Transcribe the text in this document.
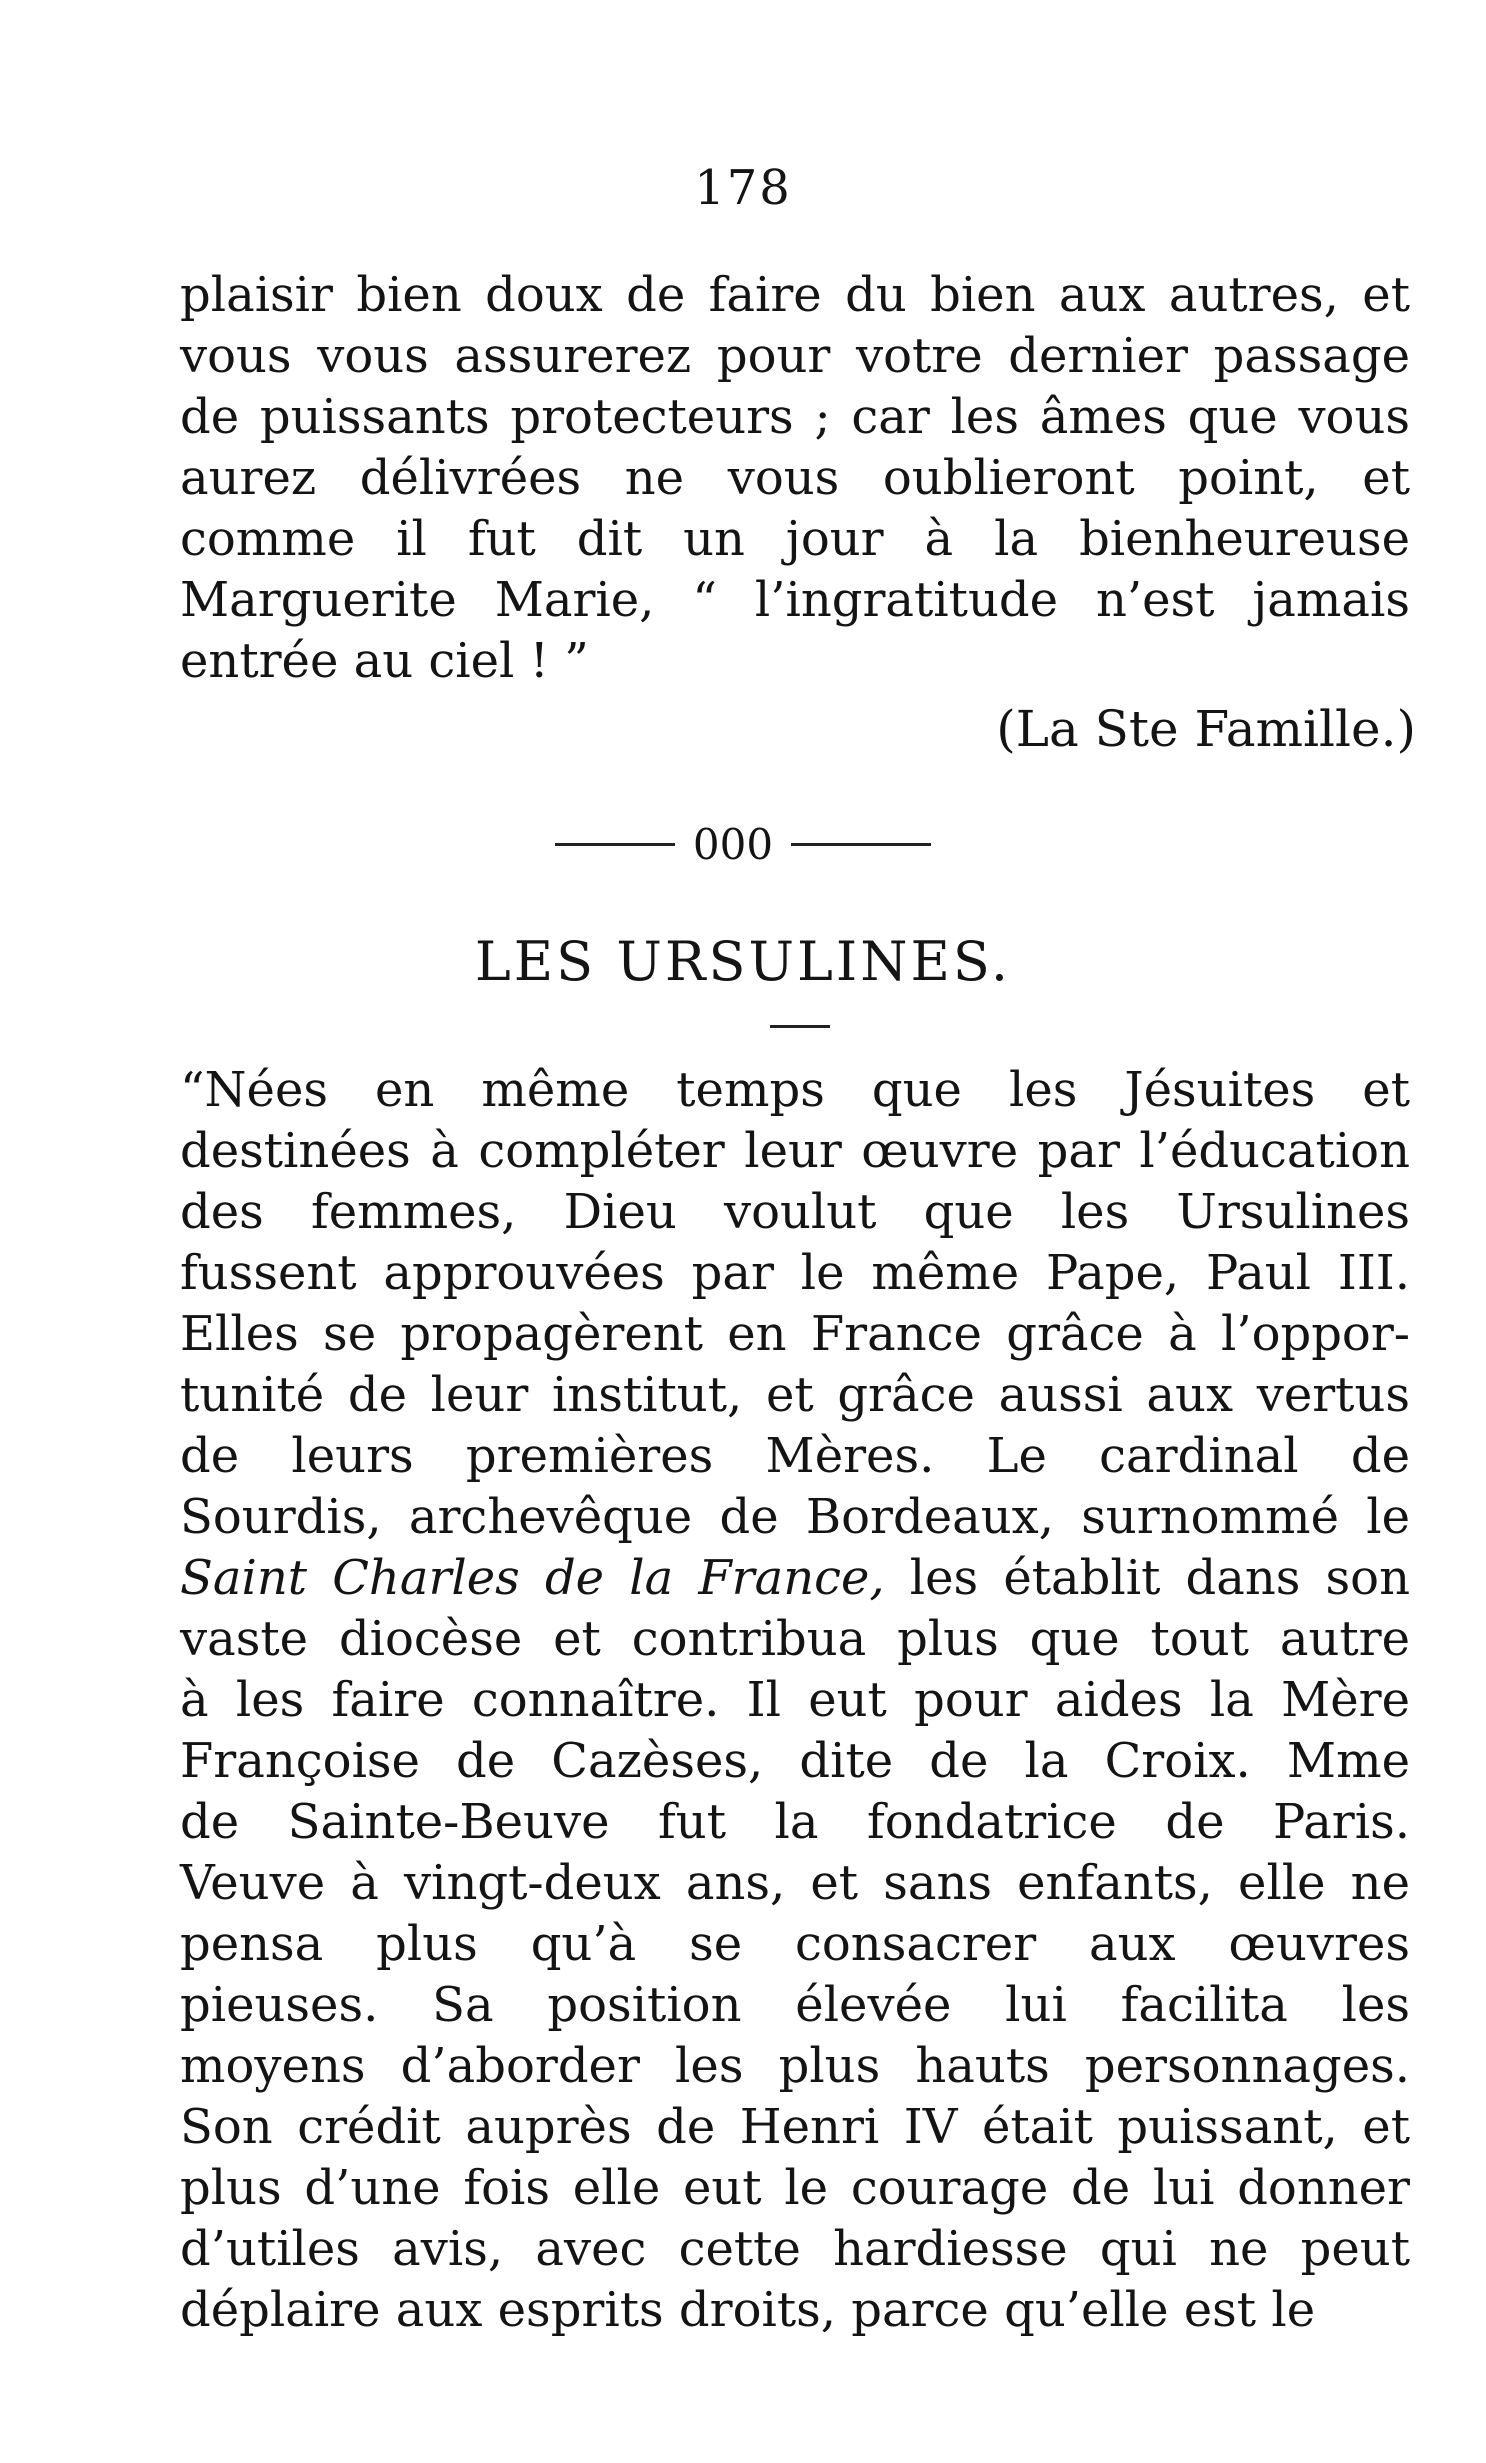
178
plaisir bien doux de faire du bien aux autres, et
vous vous assurerez pour votre dernier passage
de puissants protecteurs ; car les âmes que vous
aurez délivrées ne vous oublieront point, et
comme il fut dit un jour à la bienheureuse
Marguerite Marie, “ l’ingratitude n’est jamais
entrée au ciel ! ”
(La Ste Famille.)
000
LES URSULINES.
“Nées en même temps que les Jésuites et
destinées à compléter leur œuvre par l’éducation
des femmes, Dieu voulut que les Ursulines
fussent approuvées par le même Pape, Paul III.
Elles se propagèrent en France grâce à l’oppor-
tunité de leur institut, et grâce aussi aux vertus
de leurs premières Mères. Le cardinal de
Sourdis, archevêque de Bordeaux, surnommé le
Saint Charles de la France, les établit dans son
vaste diocèse et contribua plus que tout autre
à les faire connaître. Il eut pour aides la Mère
Françoise de Cazèses, dite de la Croix. Mme
de Sainte-Beuve fut la fondatrice de Paris.
Veuve à vingt-deux ans, et sans enfants, elle ne
pensa plus qu’à se consacrer aux œuvres
pieuses. Sa position élevée lui facilita les
moyens d’aborder les plus hauts personnages.
Son crédit auprès de Henri IV était puissant, et
plus d’une fois elle eut le courage de lui donner
d’utiles avis, avec cette hardiesse qui ne peut
déplaire aux esprits droits, parce qu’elle est le
